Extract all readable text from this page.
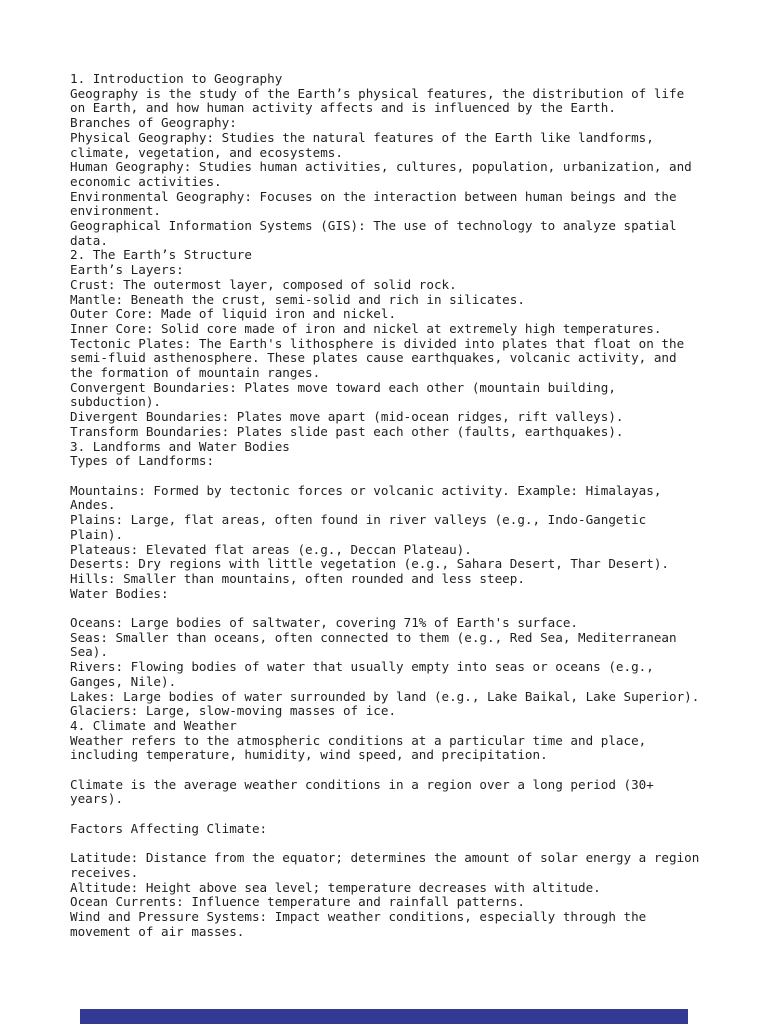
1. Introduction to Geography
Geography is the study of the Earth’s physical features, the distribution of life
on Earth, and how human activity affects and is influenced by the Earth.
Branches of Geography:
Physical Geography: Studies the natural features of the Earth like landforms,
climate, vegetation, and ecosystems.
Human Geography: Studies human activities, cultures, population, urbanization, and
economic activities.
Environmental Geography: Focuses on the interaction between human beings and the
environment.
Geographical Information Systems (GIS): The use of technology to analyze spatial
data.
2. The Earth’s Structure
Earth’s Layers:
Crust: The outermost layer, composed of solid rock.
Mantle: Beneath the crust, semi-solid and rich in silicates.
Outer Core: Made of liquid iron and nickel.
Inner Core: Solid core made of iron and nickel at extremely high temperatures.
Tectonic Plates: The Earth's lithosphere is divided into plates that float on the
semi-fluid asthenosphere. These plates cause earthquakes, volcanic activity, and
the formation of mountain ranges.
Convergent Boundaries: Plates move toward each other (mountain building,
subduction).
Divergent Boundaries: Plates move apart (mid-ocean ridges, rift valleys).
Transform Boundaries: Plates slide past each other (faults, earthquakes).
3. Landforms and Water Bodies
Types of Landforms:

Mountains: Formed by tectonic forces or volcanic activity. Example: Himalayas,
Andes.
Plains: Large, flat areas, often found in river valleys (e.g., Indo-Gangetic
Plain).
Plateaus: Elevated flat areas (e.g., Deccan Plateau).
Deserts: Dry regions with little vegetation (e.g., Sahara Desert, Thar Desert).
Hills: Smaller than mountains, often rounded and less steep.
Water Bodies:

Oceans: Large bodies of saltwater, covering 71% of Earth's surface.
Seas: Smaller than oceans, often connected to them (e.g., Red Sea, Mediterranean
Sea).
Rivers: Flowing bodies of water that usually empty into seas or oceans (e.g.,
Ganges, Nile).
Lakes: Large bodies of water surrounded by land (e.g., Lake Baikal, Lake Superior).
Glaciers: Large, slow-moving masses of ice.
4. Climate and Weather
Weather refers to the atmospheric conditions at a particular time and place,
including temperature, humidity, wind speed, and precipitation.

Climate is the average weather conditions in a region over a long period (30+
years).

Factors Affecting Climate:

Latitude: Distance from the equator; determines the amount of solar energy a region
receives.
Altitude: Height above sea level; temperature decreases with altitude.
Ocean Currents: Influence temperature and rainfall patterns.
Wind and Pressure Systems: Impact weather conditions, especially through the
movement of air masses.
